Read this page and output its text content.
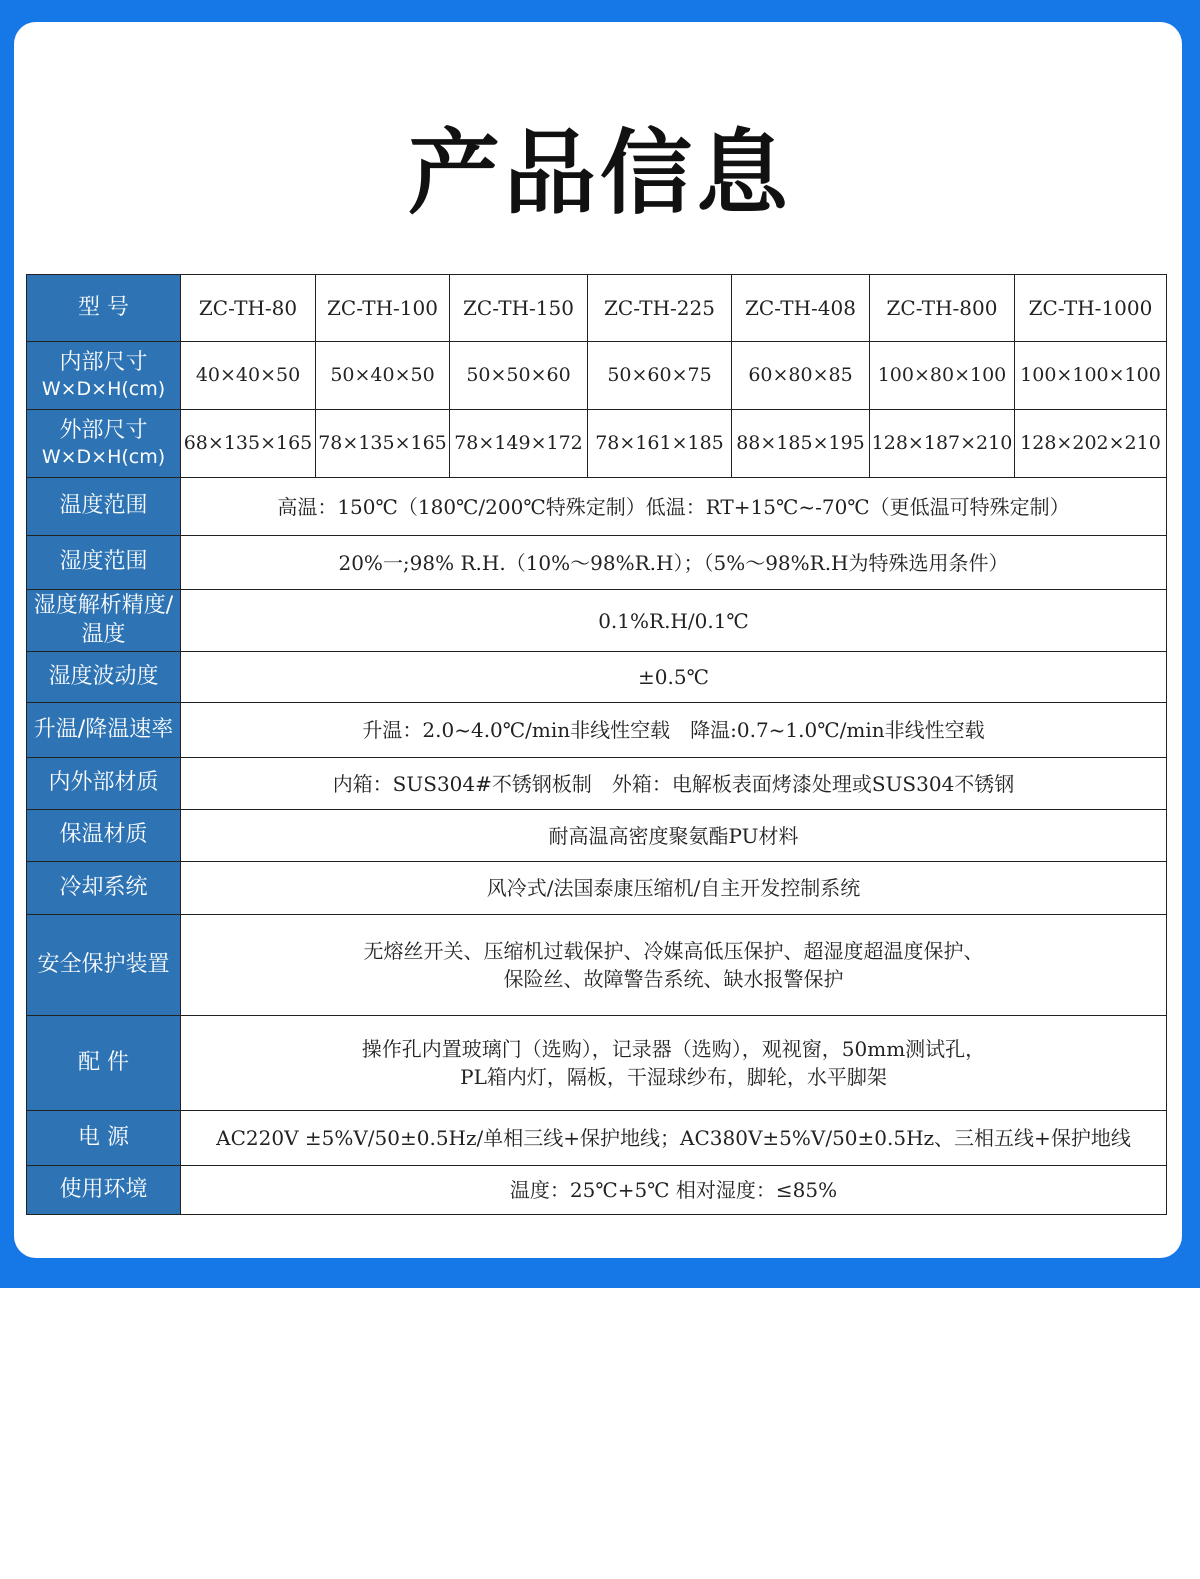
产品信息
型 号	ZC-TH-80	ZC-TH-100	ZC-TH-150	ZC-TH-225	ZC-TH-408	ZC-TH-800	ZC-TH-1000

内部尺寸
W×D×H(cm)	40×40×50	50×40×50	50×50×60	50×60×75	60×80×85	100×80×100	100×100×100

外部尺寸
W×D×H(cm)	68×135×165	78×135×165	78×149×172	78×161×185	88×185×195	128×187×210	128×202×210
温度范围	高温：150℃（180℃/200℃特殊定制）低温：RT+15℃~-70℃（更低温可特殊定制）						

湿度范围	20%一;98% R.H.（10%～98%R.H）；（5%～98%R.H为特殊选用条件）						

湿度解析精度/温度	0.1%R.H/0.1℃						

湿度波动度	±0.5℃						

升温/降温速率	升温：2.0~4.0℃/min非线性空载　降温:0.7~1.0℃/min非线性空载						

内外部材质	内箱：SUS304#不锈钢板制　外箱：电解板表面烤漆处理或SUS304不锈钢						

保温材质	耐高温高密度聚氨酯PU材料						

冷却系统	风冷式/法国泰康压缩机/自主开发控制系统						

安全保护装置	无熔丝开关、压缩机过载保护、冷媒高低压保护、超湿度超温度保护、
保险丝、故障警告系统、缺水报警保护						

配 件	操作孔内置玻璃门（选购），记录器（选购），观视窗，50mm测试孔，
PL箱内灯，隔板，干湿球纱布，脚轮，水平脚架						

电 源	AC220V ±5%V/50±0.5Hz/单相三线+保护地线；AC380V±5%V/50±0.5Hz、三相五线+保护地线						

使用环境	温度：25℃+5℃ 相对湿度：≤85%						
